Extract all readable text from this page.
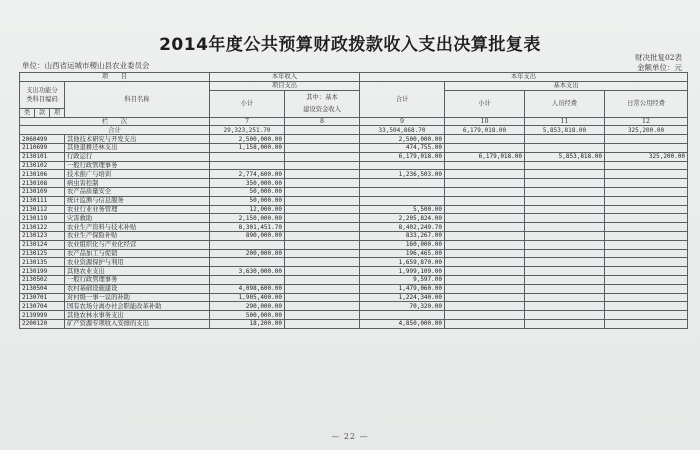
2014年度公共预算财政拨款收入支出决算批复表
单位：山西省运城市稷山县农业委员会
财决批复02表
金额单位：元
项　　目				本年收入		本年支出			

支出功能分
类科目编码			科目名称	项目支出		合计	基本支出		
				小计	其中：基本
建设资金收入		小计	人员经费	日常公用经费

类	款	项							
栏　　次				7	8	9	10	11	12
合计				29,323,251.70		33,504,868.70	6,179,018.00	5,853,818.00	325,200.00
2060499			其他技术研究与开发支出	2,500,000.00		2,500,000.00			
2110699			其他退耕还林支出	1,158,000.00		474,755.00			
2130101			行政运行			6,179,018.00	6,179,018.00	5,853,818.00	325,200.00
2130102			一般行政管理事务						
2130106			技术推广与培训	2,774,600.00		1,236,503.00			
2130108			病虫害控制	350,000.00					
2130109			农产品质量安全	50,000.00					
2130111			统计监测与信息服务	50,000.00					
2130112			农业行业业务管理	12,000.00		5,500.00			
2130119			灾害救助	2,150,000.00		2,205,824.00			
2130122			农业生产资料与技术补贴	8,301,451.70		8,402,249.70			
2130123			农业生产保险补贴	890,000.00		833,267.00			
2130124			农业组织化与产业化经营			160,000.00			
2130125			农产品加工与促销	200,000.00		196,465.00			
2130135			农业资源保护与利用			1,659,870.00			
2130199			其他农业支出	3,630,000.00		1,999,109.00			
2130502			一般行政管理事务			9,597.00			
2130504			农村基础设施建设	4,098,600.00		1,479,060.00			
2130701			对村级一事一议的补助	1,905,400.00		1,224,340.00			
2130704			国有农场分离办社会职能改革补助	290,000.00		70,320.00			
2139999			其他农林水事务支出	500,000.00					
2200120			矿产资源专项收入安排的支出	18,200.00		4,850,000.00			
— 22 —
